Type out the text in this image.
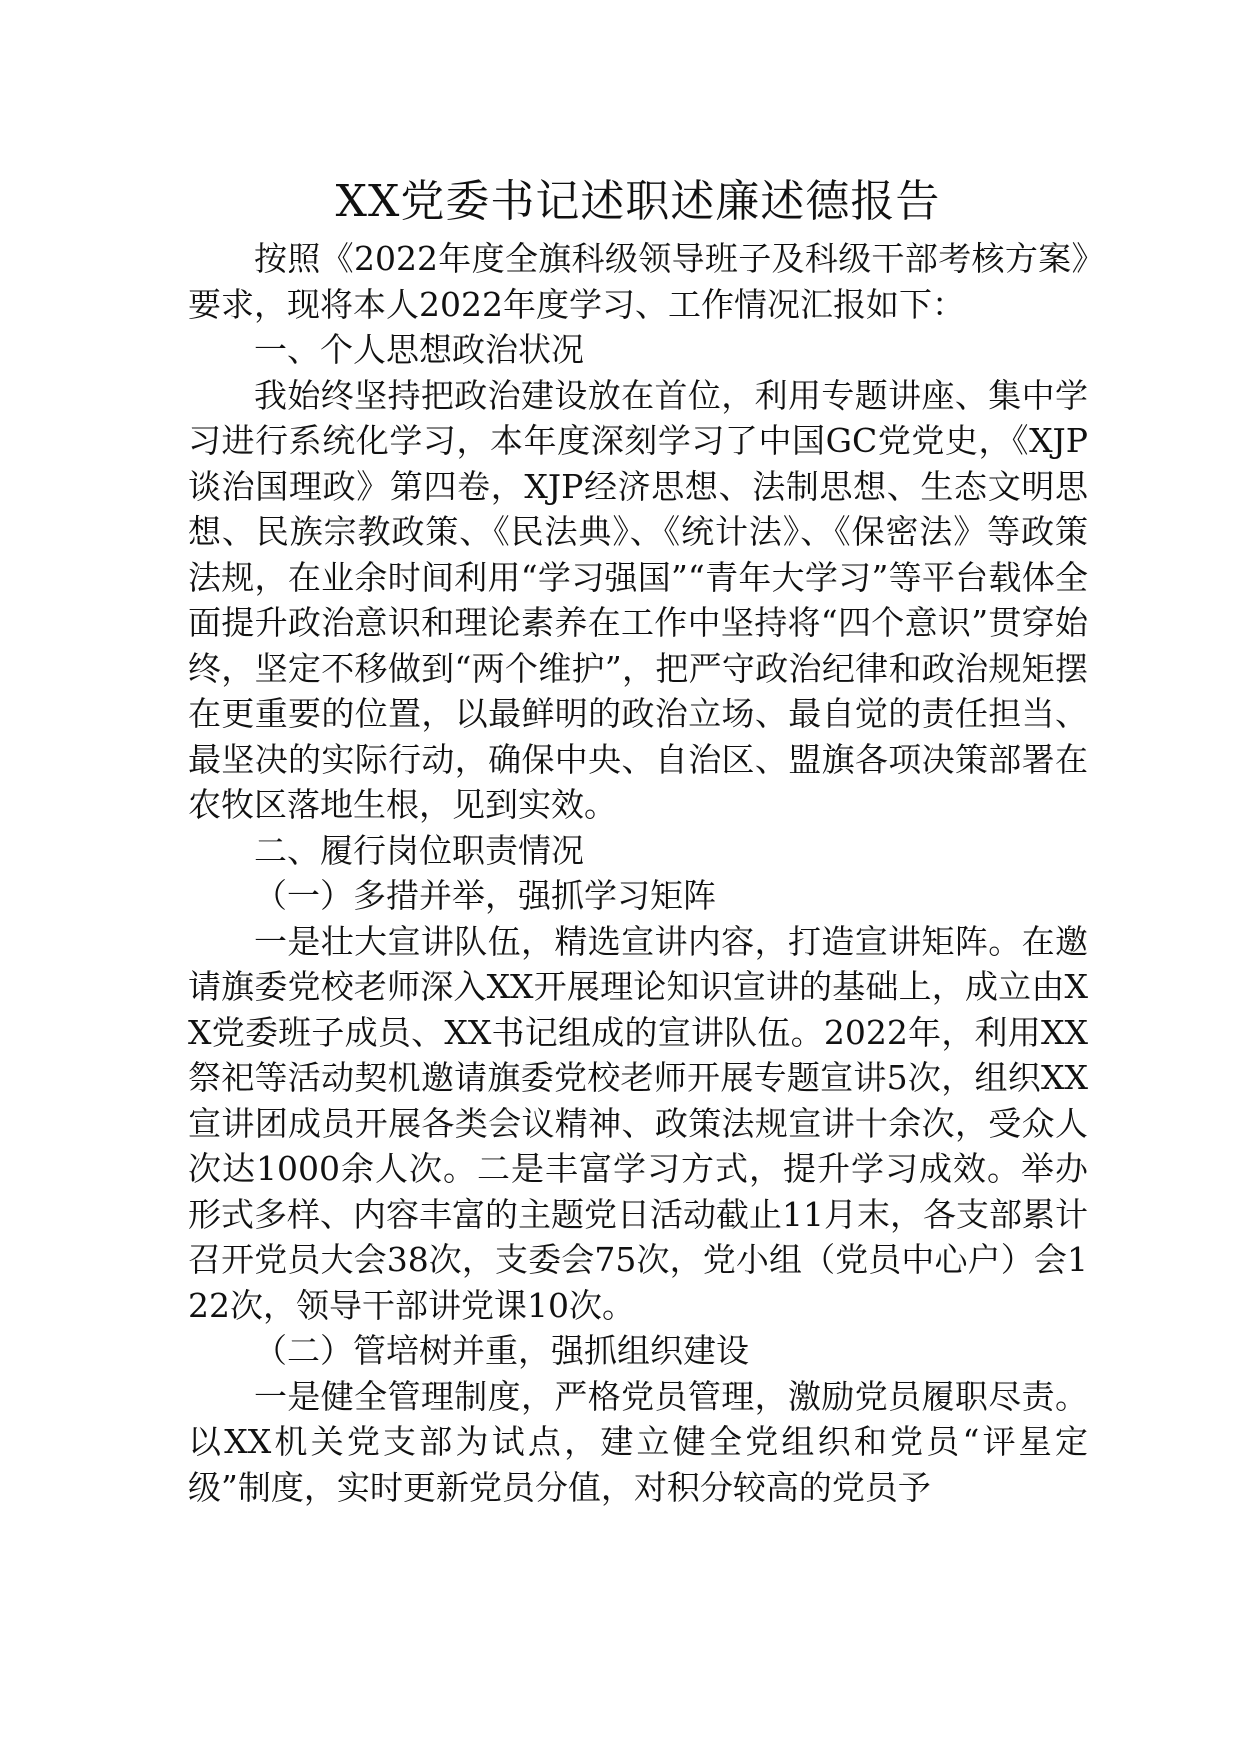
XX党委书记述职述廉述德报告

按照《2022年度全旗科级领导班子及科级干部考核方案》要求，现将本人2022年度学习、工作情况汇报如下：

一、个人思想政治状况

我始终坚持把政治建设放在首位，利用专题讲座、集中学习进行系统化学习，本年度深刻学习了中国GC党党史，《XJP谈治国理政》第四卷，XJP经济思想、法制思想、生态文明思想、民族宗教政策、《民法典》、《统计法》、《保密法》等政策法规，在业余时间利用“学习强国”“青年大学习”等平台载体全面提升政治意识和理论素养在工作中坚持将“四个意识”贯穿始终，坚定不移做到“两个维护”，把严守政治纪律和政治规矩摆在更重要的位置，以最鲜明的政治立场、最自觉的责任担当、最坚决的实际行动，确保中央、自治区、盟旗各项决策部署在农牧区落地生根，见到实效。

二、履行岗位职责情况

（一）多措并举，强抓学习矩阵

一是壮大宣讲队伍，精选宣讲内容，打造宣讲矩阵。在邀请旗委党校老师深入XX开展理论知识宣讲的基础上，成立由XX党委班子成员、XX书记组成的宣讲队伍。2022年，利用XX祭祀等活动契机邀请旗委党校老师开展专题宣讲5次，组织XX宣讲团成员开展各类会议精神、政策法规宣讲十余次，受众人次达1000余人次。二是丰富学习方式，提升学习成效。举办形式多样、内容丰富的主题党日活动截止11月末，各支部累计召开党员大会38次，支委会75次，党小组（党员中心户）会122次，领导干部讲党课10次。

（二）管培树并重，强抓组织建设

一是健全管理制度，严格党员管理，激励党员履职尽责。以XX机关党支部为试点，建立健全党组织和党员“评星定级”制度，实时更新党员分值，对积分较高的党员予
